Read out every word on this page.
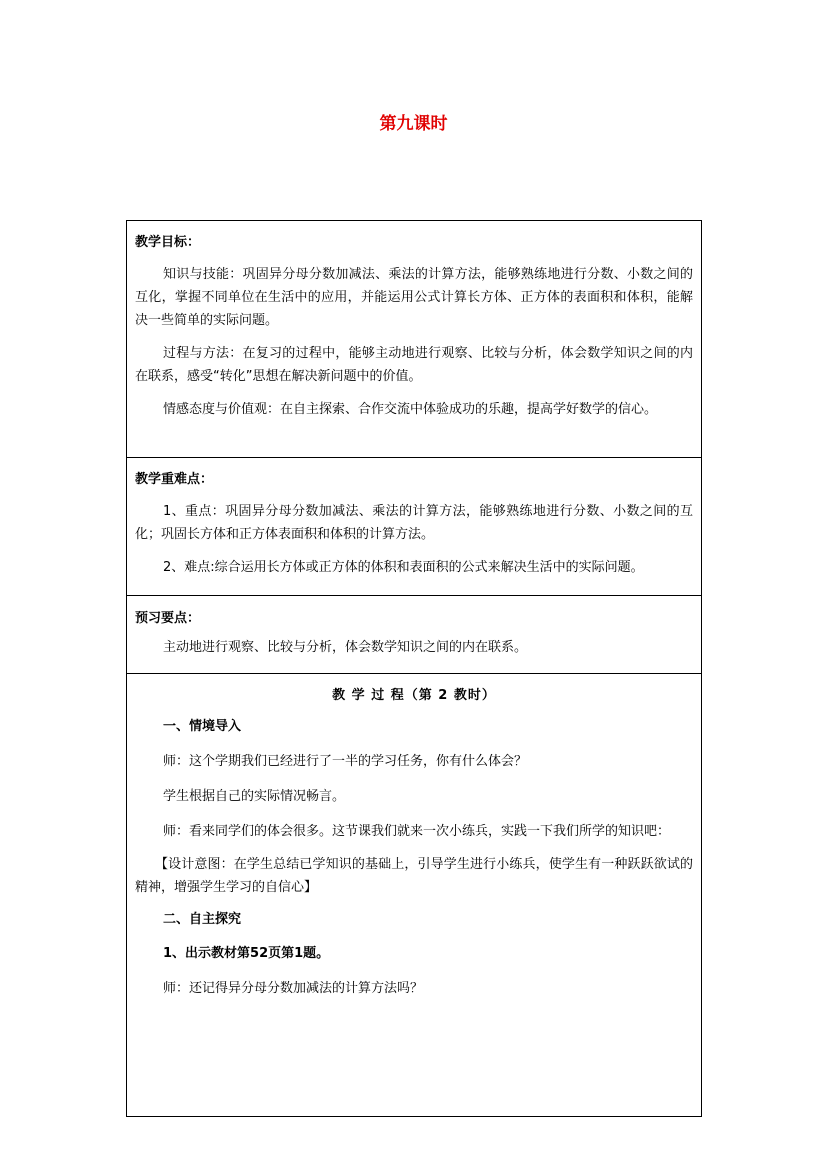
第九课时

教学目标：

知识与技能：巩固异分母分数加减法、乘法的计算方法，能够熟练地进行分数、小数之间的互化，掌握不同单位在生活中的应用，并能运用公式计算长方体、正方体的表面积和体积，能解决一些简单的实际问题。

过程与方法：在复习的过程中，能够主动地进行观察、比较与分析，体会数学知识之间的内在联系，感受“转化”思想在解决新问题中的价值。

情感态度与价值观：在自主探索、合作交流中体验成功的乐趣，提高学好数学的信心。

教学重难点：

1、重点：巩固异分母分数加减法、乘法的计算方法，能够熟练地进行分数、小数之间的互化；巩固长方体和正方体表面积和体积的计算方法。

2、难点:综合运用长方体或正方体的体积和表面积的公式来解决生活中的实际问题。

预习要点：

主动地进行观察、比较与分析，体会数学知识之间的内在联系。

教 学 过 程（第 2 教时）

一、情境导入

师：这个学期我们已经进行了一半的学习任务，你有什么体会？

学生根据自己的实际情况畅言。

师：看来同学们的体会很多。这节课我们就来一次小练兵，实践一下我们所学的知识吧：

【设计意图：在学生总结已学知识的基础上，引导学生进行小练兵，使学生有一种跃跃欲试的精神，增强学生学习的自信心】

二、自主探究

1、出示教材第52页第1题。

师：还记得异分母分数加减法的计算方法吗？
